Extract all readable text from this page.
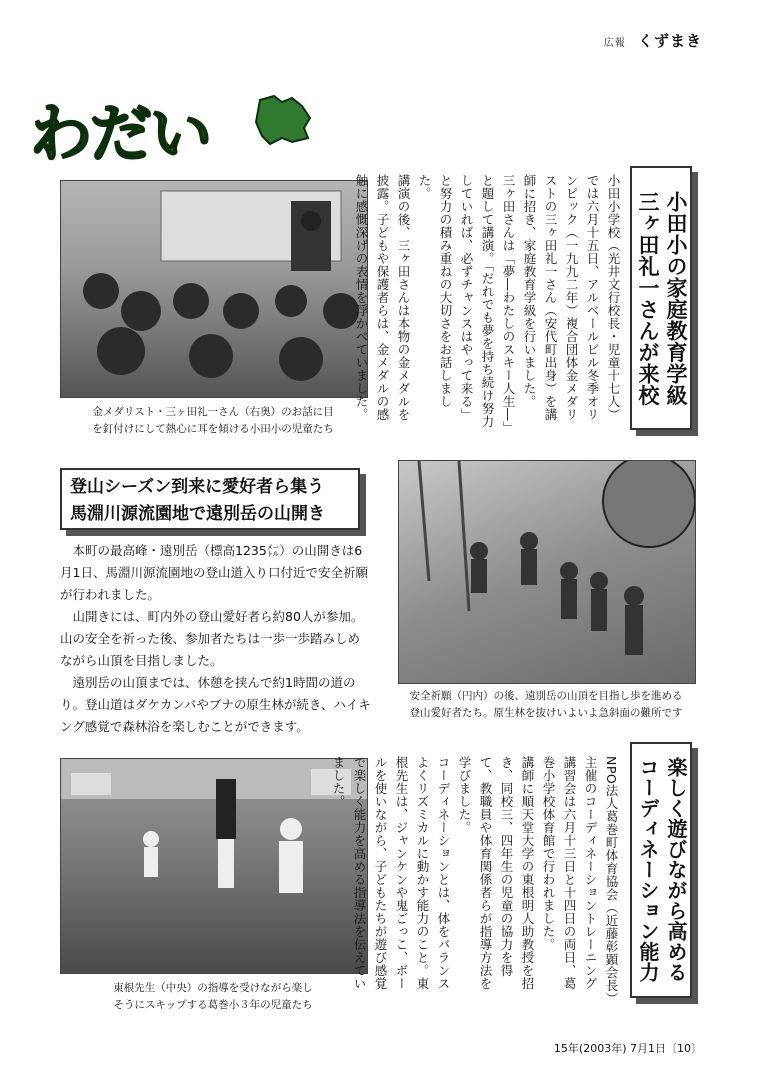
広報 くずまき
わだい
金メダリスト・三ヶ田礼一さん（右奥）のお話に目
を釘付けにして熱心に耳を傾ける小田小の児童たち

小田小学校（光井文行校長・児童十七人）では六月十五日、アルベールビル冬季オリンピック（一九九二年）複合団体金メダリストの三ヶ田礼一さん（安代町出身）を講師に招き、家庭教育学級を行いました。

三ヶ田さんは「夢―わたしのスキー人生―」と題して講演。「だれでも夢を持ち続け努力していれば、必ずチャンスはやって来る」と努力の積み重ねの大切さをお話しました。

講演の後、三ヶ田さんは本物の金メダルを披露。子どもや保護者らは、金メダルの感触に感慨深げの表情を浮かべていました。	小田小の家庭教育学級
三ヶ田礼一さんが来校
登山シーズン到来に愛好者ら集う
馬淵川源流園地で遠別岳の山開き

本町の最高峰・遠別岳（標高1235㍍）の山開きは6月1日、馬淵川源流園地の登山道入り口付近で安全祈願が行われました。

山開きには、町内外の登山愛好者ら約80人が参加。山の安全を祈った後、参加者たちは一歩一歩踏みしめながら山頂を目指しました。

遠別岳の山頂までは、休憩を挟んで約1時間の道のり。登山道はダケカンバやブナの原生林が続き、ハイキング感覚で森林浴を楽しむことができます。

安全祈願（円内）の後、遠別岳の山頂を目指し歩を進める
登山愛好者たち。原生林を抜けいよいよ急斜面の難所です
東根先生（中央）の指導を受けながら楽し
そうにスキップする葛巻小３年の児童たち

NPO法人葛巻町体育協会（近藤彰顕会長）主催のコーディネーショントレーニング講習会は六月十三日と十四日の両日、葛巻小学校体育館で行われました。

講師に順天堂大学の東根明人助教授を招き、同校三、四年生の児童の協力を得て、教職員や体育関係者らが指導方法を学びました。

コーディネーションとは、体をバランスよくリズミカルに動かす能力のこと。東根先生は、ジャンケンや鬼ごっこ、ボールを使いながら、子どもたちが遊び感覚で楽しく能力を高める指導法を伝えていました。	楽しく遊びながら高める
コーディネーション能力
15年(2003年) 7月1日〔10〕
